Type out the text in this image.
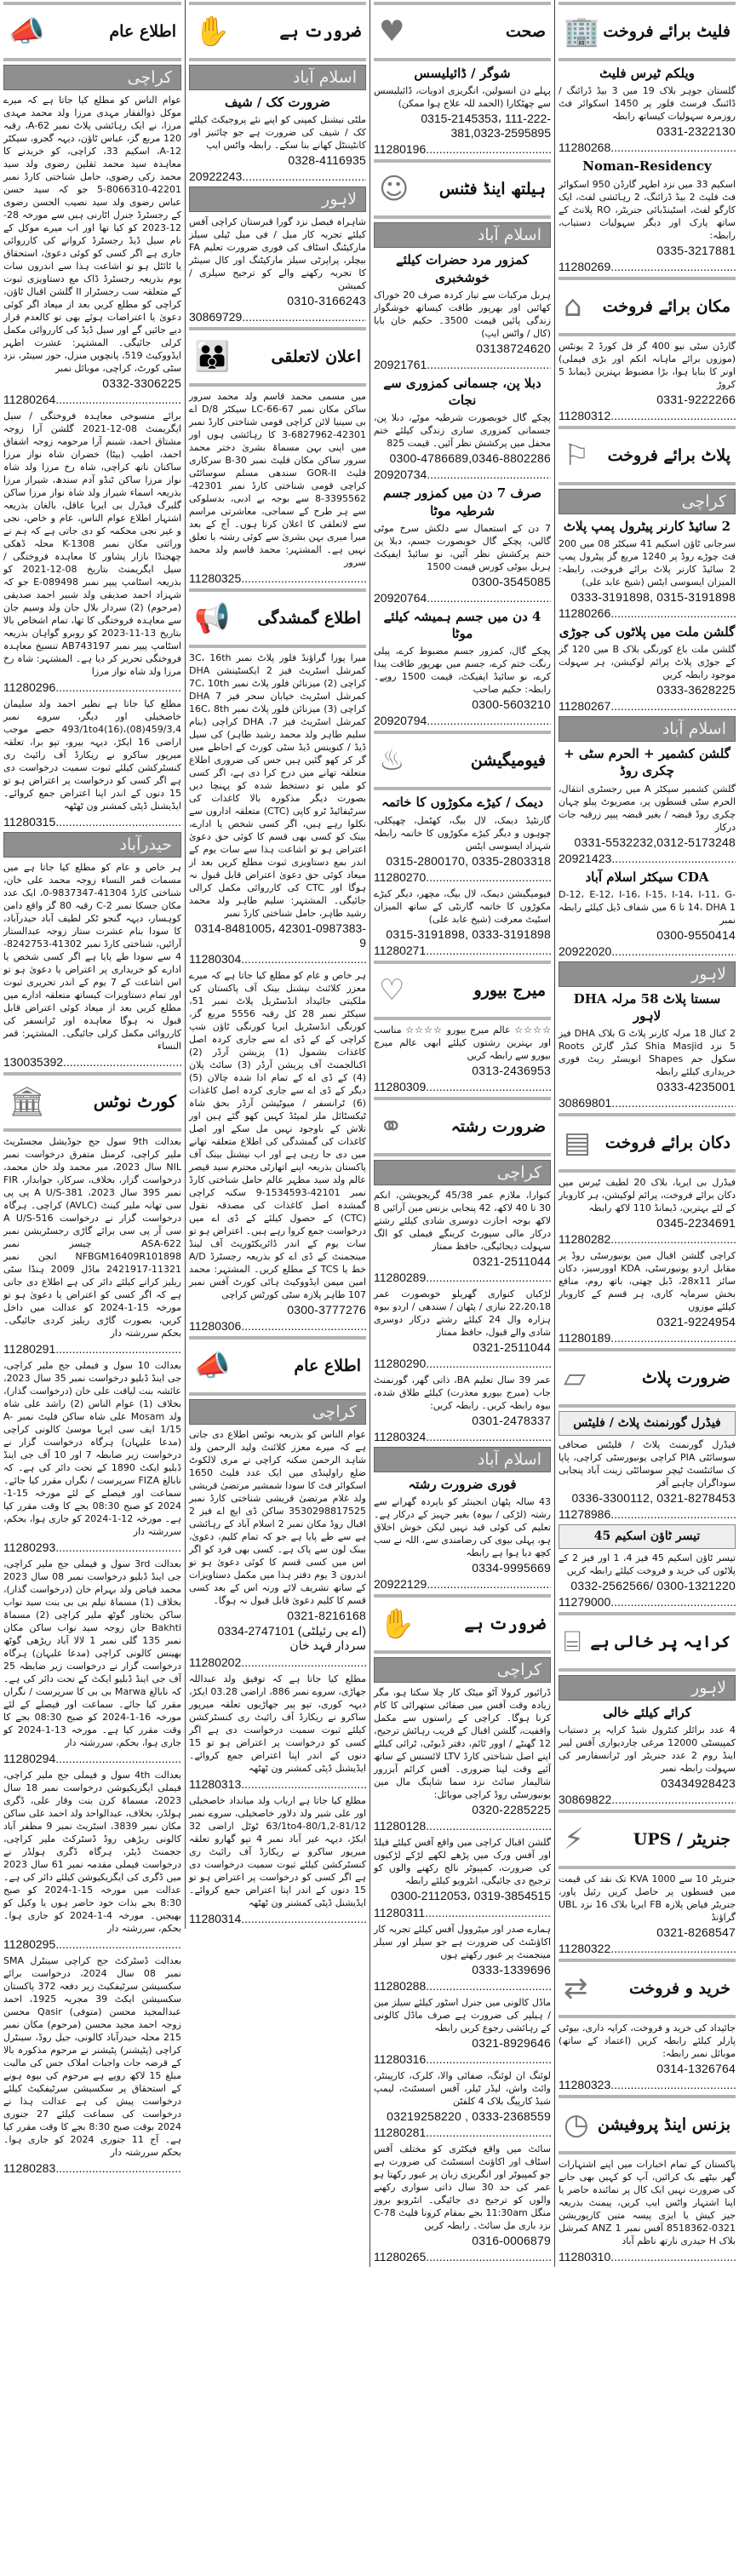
فلیٹ برائے فروخت
🏢
ویلکم ٹیرس فلیٹ
گلستان جوہر بلاک 19 میں 3 بیڈ ڈرائنگ / ڈائننگ فرسٹ فلور پر 1450 اسکوائر فٹ روزمرہ سہولیات کیساتھ رابطہ
0331-2322130
11280268 .....
Noman-Residency
اسکیم 33 میں نزد اطہر گارڈن 950 اسکوائر فٹ فلیٹ 2 بیڈ ڈرائنگ، 2 رہائشی لفٹ، ایک کارگو لفٹ، اسٹینڈبائی جنریٹر، RO پلانٹ کے ساتھ پارک اور دیگر سہولیات دستیاب، رابطہ:
0335-3217881
11280269 .....
مکان برائے فروخت
⌂
گارڈن سٹی نیو 400 گز فل کورڈ 2 یونٹس (موزوں برائے ماہانہ انکم اور بڑی فیملی) اونر کا بنایا ہوا، بڑا مضبوط بہترین ڈیمانڈ 5 کروڑ
0331-9222266
11280312 .....
پلاٹ برائے فروخت
⚐
کراچی
2 سائیڈ کارنر پیٹرول پمپ پلاٹ
سرجانی ٹاؤن اسکیم 41 سیکٹر 08 میں 200 فٹ چوڑے روڈ پر 1240 مربع گز پیٹرول پمپ 2 سائیڈ کارنر پلاٹ برائے فروخت، رابطہ: المیزان ایسوسی ایٹس (شیخ عابد علی)
0333-3191898, 0315-3191898
11280266 .....
گلشن ملت میں پلاٹوں کی جوڑی
گلشن ملت باغ کورنگی بلاک B میں 120 گز کے جوڑی پلاٹ پرائم لوکیشن، ہر سہولت موجود رابطہ کریں
0333-3628225
11280267 .....
اسلام آباد
گلشن کشمیر + الحرم سٹی + چکری روڈ
گلشن کشمیر سیکٹر A میں رجسٹری انتقال، الحرم سٹی قسطوں پر، مصریوٹ پیلو چہان چکری روڈ قبضہ / بغیر قبضہ پیپر زرقبہ جات درکار
0331-5532232,0312-5173248
20921423 .....
CDA سیکٹر اسلام آباد
D-12، E-12، I-16، I-15، I-14، I-11، G-14، DHA 1 تا 6 میں شفاف ڈیل کیلئے رابطہ نمبر
0300-9550414
20922020 .....
لاہور
سستا پلاٹ 58 مرلہ DHA لاہور
2 کنال 18 مرلہ کارنر پلاٹ G بلاک DHA فیز 5 نزد Shia Masjid کنڈر گارٹن Roots سکول جم Shapes انویسٹر ریٹ فوری خریداری کیلئے رابطہ
0333-4235001
30869801 .....
دکان برائے فروخت
▤
فیڈرل بی ایریا، بلاک 20 لطیف ٹیرس میں دکان برائے فروخت، پرائم لوکیشن، ہر کاروبار کے لئے بہترین، ڈیمانڈ 110 لاکھ رابطہ
0345-2234691
11280282 .....
کراچی گلشن اقبال مین یونیورسٹی روڈ پر مقابل اردو یونیورسٹی، KDA اوورسیز، دکان سائز 28x11، ڈبل چھتی، باتھ روم، منافع بخش سرمایہ کاری، ہر قسم کے کاروبار کیلئے موزوں
0321-9224954
11280189 .....
ضرورت پلاٹ
▱
فیڈرل گورنمنٹ پلاٹ / فلیٹس
فیڈرل گورنمنٹ پلاٹ / فلیٹس صحافی سوسائٹی PIA کراچی یونیورسٹی کراچی، پاپا ک سائنٹسٹ ٹیچر سوسائٹی زینت آباد پنجابی سوداگران چاہیے آفر
0336-3300112, 0321-8278453
11278986 .....
تیسر ٹاؤن اسکیم 45
تیسر ٹاؤن اسکیم 45 فیز 4، 1 اور فیز 2 کے پلاٹوں کی خرید و فروخت کیلئے رابطہ کریں
0332-2562566/ 0300-1321220
11279000 .....
کرایہ پر خالی ہے
⌸
لاہور
کرائے کیلئے خالی
4 عدد برائلر کنٹرول شیڈ کرایہ پر دستیاب کمپیسٹی 12000 مرغی چاردیواری آفس لیبر اینڈ روم 2 عدد جنریٹر اور ٹرانسفارمر کی سہولت رابطہ نمبر
03434928423
30869822 .....
جنریٹر / UPS
⚡
جنریٹر 10 سے 1000 KVA تک نقد کی قیمت میں قسطوں پر حاصل کریں رئیل پاور، جنریٹر فیاض پلازہ FB ایریا بلاک 16 نزد UBL گراؤنڈ
0321-8268547
11280322 .....
خرید و فروخت
⇄
جائیداد کی خرید و فروخت، کرایہ داری، بیوٹی پارلر کیلئے رابطہ کریں (اعتماد کے ساتھ) موبائل نمبر رابطہ:
0314-1326764
11280323 .....
بزنس اینڈ پروفیشن
◷
پاکستان کے تمام اخبارات میں اپنے اشتہارات گھر بیٹھے بک کرائیں، آپ کو کہیں بھی جانے کی ضرورت نہیں ایک کال پر نمائندہ حاضر یا اپنا اشتہار واٹس ایپ کریں، پیمنٹ بذریعہ جیز کیش یا ایزی پیسہ متین کارپوریشن 0321-8518362 آفس نمبر 1 ANZ کمرشل بلاک H حیدری نارتھ ناظم آباد
11280310 .....
صحت
♥
شوگر / ڈائیلیسس
پہلے دن انسولین، انگریزی ادویات، ڈائیلیسس سے چھٹکارا (الحمد للہ علاج ہوا ممکن)
0315-2145353، 111-222-381,0323-2595895
11280196 .....
ہیلتھ اینڈ فٹنس
☺
اسلام آباد
کمزور مرد حضرات کیلئے خوشخبری
ہربل مرکبات سے تیار کردہ صرف 20 خوراک کھائیں اور بھرپور طاقت کیساتھ خوشگوار زندگی پائیں قیمت 3500۔ حکیم خان بابا (کال / واٹس ایپ)
03138724620
20921761 .....
دبلا پن، جسمانی کمزوری سے نجات
پچکے گال خوبصورت شرطیہ موٹے، دبلا پن، جسمانی کمزوری ساری زندگی کیلئے ختم محفل میں پرکشش نظر آئیں۔ قیمت 825
0300-4786689,0346-8802286
20920734 .....
صرف 7 دن میں کمزور جسم شرطیہ موٹا
7 دن کے استعمال سے دلکش سرخ موٹی گالیں، پچکے گال خوبصورت جسم، دبلا پن ختم پرکشش نظر آئیں، نو سائیڈ ایفیکٹ ہربل بیوٹی کورس قیمت 1500
0300-3545085
20920764 .....
4 دن میں جسم ہمیشہ کیلئے موٹا
پچکے گال، کمزور جسم مضبوط کرے، پیلی رنگت ختم کرے، جسم میں بھرپور طاقت پیدا کرے، نو سائیڈ ایفیکٹ، قیمت 1500 روپے۔ رابطہ: حکیم صاحب
0300-5603210
20920794 .....
فیومیگیشن
♨
دیمک / کیڑے مکوڑوں کا خاتمہ
گارنٹیڈ دیمک، لال بیگ، کھٹمل، چھپکلی، چوہوں و دیگر کیڑے مکوڑوں کا خاتمہ رابطہ شہزاد ایسوسی ایٹس
0315-2800170, 0335-2803318
11280270 .....
فیومیگیشن دیمک، لال بیگ، مچھر، دیگر کیڑے مکوڑوں کا خاتمہ گارنٹی کے ساتھ المیزان اسٹیٹ معرفت (شیخ عابد علی)
0315-3191898, 0333-3191898
11280271 .....
میرج بیورو
♡
☆☆☆☆ عالم میرج بیورو ☆☆☆☆ مناسب اور بہترین رشتوں کیلئے ابھی عالم میرج بیورو سے رابطہ کریں
0313-2436953
11280309 .....
ضرورت رشتہ
⚭
کراچی
کنوارا، ملازم عمر 45/38 گریجویشن، انکم 30 تا 40 لاکھ، 42 پنجابی بزنس مین آرائیں 8 لاکھ بوجہ اجازت دوسری شادی کیلئے رشتے درکار مالی سپورٹ کرینگے فیملی کو الگ سہولت دیجائیگی، حافظ ممتاز
0321-2511044
11280289 .....
لڑکیاں کنواری گھریلو خوبصورت عمر 22،20،18 نیازی / پٹھان / سندھی / اردو بیوہ ہزارہ وال 24 کیلئے رشتے درکار دوسری شادی والے قبول، حافظ ممتاز
0321-2511044
11280290 .....
عمر 39 سال تعلیم BA، ذاتی گھر، گورنمنٹ جاب (میرج بیورو معذرت) کیلئے طلاق شدہ، بیوہ رابطہ کریں۔ رابطہ کریں:
0301-2478337
11280324 .....
اسلام آباد
فوری ضرورت رشتہ
43 سالہ پٹھان انجینئر کو باپردہ گھرانے سے رشتہ (لڑکی / بیوہ) بغیر جہیز کے درکار ہے۔ تعلیم کی کوئی قید نہیں لیکن خوش اخلاق ہو، پہلی بیوی کی رضامندی سے، اللہ نے سب کچھ دیا ہوا ہے رابطہ
0334-9995669
20922129 .....
ضرورت ہے
✋
کراچی
ڈرائیور کرولا آٹو میٹک کار چلا سکتا ہو، مگر زیادہ وقت آفس میں صفائی ستھرائی کا کام کرنا ہوگا۔ کراچی کے راستوں سے مکمل واقفیت، گلشن اقبال کے قریب رہائش ترجیح، 12 گھنٹے / اوور ٹائم، دفتر ڈیوٹی، ٹرائی کیلئے اپنے اصل شناختی کارڈ LTV لائسنس کے ساتھ آئیے وقت لینا ضروری۔ آفس کرائم آبزرور شالیمار سائٹ نزد سما شاپنگ مال مین یونیورسٹی روڈ کراچی موبائل:
0320-2285225
11280128 .....
گلشن اقبال کراچی میں واقع آفس کیلئے فیلڈ اور آفس ورک میں پڑھے لکھے لڑکے لڑکیوں کی ضرورت، کمپیوٹر نالج رکھنے والوں کو ترجیح دی جائیگی، انٹرویو کیلئے رابطہ
0300-2112053، 0319-3854515
11280311 .....
ہمارے صدر اور میٹروول آفس کیلئے تجربہ کار اکاؤنٹنٹ کی ضرورت ہے جو سیلز اور سیلز مینجمنٹ پر عبور رکھتے ہوں
0333-1339696
11280288 .....
ماڈل کالونی میں جنرل اسٹور کیلئے سیلز مین / ہیلپر کی ضرورت ہے صرف ماڈل کالونی کے رہائشی رجوع کریں رابطہ
0321-8929646
11280316 .....
لوئنگ ان لوئنگ، صفائی والا، کلرک، کارپینٹر، وائٹ واش، لیڈر ٹیلر، آفس اسسٹنٹ، لیمپ شیڈ کارپیگ بلاک 4 کلفٹن
03219258220 , 0333-2368559
11280281 .....
سائٹ میں واقع فیکٹری کو مختلف آفس اسٹاف اور اکاؤنٹ اسسٹنٹ کی ضرورت ہے جو کمپیوٹر اور انگریزی زبان پر عبور رکھتا ہو عمر کی حد 30 سال ذاتی سواری رکھنے والوں کو ترجیح دی جائیگی۔ انٹرویو بروز منگل 11:30am بجے بمقام کرونا فلیٹ C-78 نزد باری مل سائٹ۔ رابطہ کریں
0316-0006879
11280265 .....
ضرورت ہے
✋
اسلام آباد
ضرورت کک / شیف
ملٹی نیشنل کمپنی کو اپنے نئے پروجیکٹ کیلئے کک / شیف کی ضرورت ہے جو چائنیز اور کانٹیننٹل کھانے بنا سکے۔ رابطہ واٹس ایپ
0328-4116935
20922243 .....
لاہور
شاہراہ فیصل نزد گورا قبرستان کراچی آفس کیلئے تجربہ کار میل / فی میل ٹیلی سیلز مارکیٹنگ اسٹاف کی فوری ضرورت تعلیم FA بیچلر، پراپرٹی سیلز مارکیٹنگ اور کال سینٹر کا تجربہ رکھنے والے کو ترجیح سیلری / کمیشن
0310-3166243
30869729 .....
اعلان لاتعلقی
👪
میں مسمی محمد قاسم ولد محمد سرور ساکن مکان نمبر LC-66-67 سیکٹر 8/D اے بی سینیا لائن کراچی قومی شناختی کارڈ نمبر 42301-6827962-3 کا رہائشی ہوں اور میں اپنی بہن مسماۃ بشریٰ دختر محمد سرور ساکن مکان فلیٹ نمبر B-30 سرکاری فلیٹ GOR-II سندھی مسلم سوسائٹی کراچی قومی شناختی کارڈ نمبر 42301-3395562-8 سے بوجہ بے ادبی، بدسلوکی سے ہر طرح کے سماجی، معاشرتی مراسم سے لاتعلقی کا اعلان کرتا ہوں۔ آج کے بعد میرا میری بہن بشریٰ سے کوئی رشتہ یا تعلق نہیں ہے۔ المشتہر: محمد قاسم ولد محمد سرور
11280325 .....
اطلاع گمشدگی
📢
میرا پورا گراؤنڈ فلور پلاٹ نمبر 3C، 16th کمرشل اسٹریٹ فیز 2 ایکسٹینشن DHA کراچی (2) میزنائن فلور پلاٹ نمبر 7C، 10th کمرشل اسٹریٹ خیابان سحر فیز 7 DHA کراچی (3) میزنائن فلور پلاٹ نمبر 16C، 8th کمرشل اسٹریٹ فیز 7، DHA کراچی (بنام سلیم طاہر ولد محمد رشید طاہر) کی سیل ڈیڈ / کنوینس ڈیڈ سٹی کورٹ کے احاطے میں گر کر کھو گئیں ہیں جس کی ضروری اطلاع متعلقہ تھانے میں درج کرا دی ہے، اگر کسی کو ملیں تو دستخط شدہ کو پہنچا دیں بصورت دیگر مذکورہ بالا کاغذات کی سرٹیفائیڈ ٹرو کاپی (CTC) متعلقہ اداروں سے نکلوا رہے ہیں، اگر کسی شخص یا ادارے، بینک کو کسی بھی قسم کا کوئی حق دعویٰ اعتراض ہو تو اشاعت ہذا سے سات یوم کے اندر بمع دستاویزی ثبوت مطلع کریں بعد از میعاد کوئی حق دعویٰ اعتراض قابل قبول نہ ہوگا اور CTC کی کارروائی مکمل کرالی جائیگی۔ المشتہر: سلیم طاہر ولد محمد رشید طاہر، حامل شناختی کارڈ نمبر
0314-8481005، 42301-0987383-9
11280304 .....
ہر خاص و عام کو مطلع کیا جاتا ہے کہ میرے معزز کلائنٹ نیشنل بینک آف پاکستان کی ملکیتی جائیداد انڈسٹریل پلاٹ نمبر 51، سیکٹر نمبر 28 کل رقبہ 5556 مربع گز، کورنگی انڈسٹریل ایریا کورنگی ٹاؤن شپ کراچی کے کے ڈی اے سے جاری کردہ اصل کاغذات بشمول (1) پزیشن آرڈر (2) اکنالجمنٹ آف پزیشن آرڈر (3) سائٹ پلان (4) کے ڈی اے کے تمام ادا شدہ چالان (5) دیگر کے ڈی اے سے جاری کردہ اصل کاغذات (6) ٹرانسفر / میوٹیشن آرڈر بحق شاہ ٹیکسٹائل ملز لمیٹڈ کہیں کھو گئے ہیں اور تلاش کے باوجود نہیں مل سکے اور اصل کاغذات کی گمشدگی کی اطلاع متعلقہ تھانے میں دی جا رہی ہے اور اب نیشنل بینک آف پاکستان بذریعہ اپنے اتھارٹی محترم سید قیصر عالم ولد سید مظہر عالم حامل شناختی کارڈ نمبر 42101-1534593-9 سکنہ کراچی گمشدہ اصل کاغذات کی مصدقہ نقول (CTC) کے حصول کیلئے کے ڈی اے میں درخواست جمع کروا رہے ہیں۔ اعتراض ہو تو سات یوم کے اندر ڈائریکٹوریٹ آف لینڈ مینجمنٹ کے ڈی اے کو بذریعہ رجسٹرڈ A/D خط یا TCS کے مطلع کریں۔ المشتہر: محمد امین میمن ایڈووکیٹ ہائی کورٹ آفس نمبر 107 طاہر پلازہ سٹی کورٹس کراچی
0300-3777276
11280306 .....
اطلاع عام
📣
کراچی
عوام الناس کو بذریعہ نوٹس اطلاع دی جاتی ہے کہ میرے معزز کلائنٹ ولید الرحمن ولد شاہد الرحمن سکنہ کراچی نے مری لالکوٹ ضلع راولپنڈی میں ایک عدد فلیٹ 1650 اسکوائر فٹ کا سودا شمشیر مرتضیٰ قریشی ولد غلام مرتضیٰ قریشی شناختی کارڈ نمبر 3530298817525 ساکن ڈی ایچ اے فیز 2 اقبال روڈ مکان نمبر 2 اسلام آباد کے رہائشی ہے سے طے پایا ہے جو کہ تمام کلیم، دعویٰ، بینک لون سے پاک ہے۔ کسی بھی فرد کو اگر اس میں کسی قسم کا کوئی دعویٰ ہو تو اندرون 3 یوم دفتر ہذا میں مکمل دستاویزات کے ساتھ تشریف لائے ورنہ اس کے بعد کسی قسم کا کلیم دعویٰ قابل قبول نہ ہوگا۔
0321-8216168
0334-2747101 (اے بی رئیلٹی) سردار فہد خان
11280202 .....
مطلع کیا جاتا ہے کہ توفیق ولد عبداللہ جھاڑی، سروے نمبر 886، اراضی 03.28 ایکڑ، دیہہ کوری، تپو پیر جھاڑیوں تعلقہ میرپور ساکرو نے ریکارڈ آف رائیٹ ری کنسٹرکشن کیلئے ثبوت سمیت درخواست دی ہے اگر کسی کو درخواست پر اعتراض ہو تو 15 دنوں کے اندر اپنا اعتراض جمع کروائے۔ ایڈیشنل ڈپٹی کمشنر ون ٹھٹھہ
11280313 .....
مطلع کیا جاتا ہے ارباب ولد میانداد خاصخیلی اور علی شیر ولد دلاور خاصخیلی، سروے نمبر 81/12-63/1to4-80/1,2 ٹوٹل اراضی 32 ایکڑ، دیہہ غیر آباد نمبر 4 تپو گھارو تعلقہ میرپور ساکرو نے ریکارڈ آف رائیٹ ری کنسٹرکشن کیلئے ثبوت سمیت درخواست دی ہے اگر کسی کو درخواست پر اعتراض ہو تو 15 دنوں کے اندر اپنا اعتراض جمع کروائے۔ ایڈیشنل ڈپٹی کمشنر ون ٹھٹھہ
11280314 .....
اطلاع عام
📣
کراچی
عوام الناس کو مطلع کیا جاتا ہے کہ میرے موکل ذوالفقار مہدی مرزا ولد محمد مہدی مرزا، نے ایک رہائشی پلاٹ نمبر A-62، رقبہ 120 مربع گز، عباس ٹاؤن، دیہہ گجرو، سیکٹر 12-A، اسکیم 33، کراچی، کو خریدنے کا معاہدہ سید محمد ثقلین رضوی ولد سید محمد زکی رضوی، حامل شناختی کارڈ نمبر 42201-8066310-5 جو کہ سید حسن عباس رضوی ولد سید نصیب الحسن رضوی کے رجسٹرڈ جنرل اٹارنی ہیں سے مورخہ 28-12-2023 کو کیا تھا اور اب میرے موکل کے نام سیل ڈیڈ رجسٹرڈ کروانے کی کارروائی جاری ہے اگر کسی کو کوئی دعویٰ، استحقاق یا ٹائٹل ہو تو اشاعت ہذا سے اندرون سات یوم بذریعہ رجسٹرڈ ڈاک مع دستاویزی ثبوت کے متعلقہ سب رجسٹرار II گلشن اقبال ٹاؤن، کراچی کو مطلع کریں بعد از میعاد اگر کوئی دعویٰ یا اعتراضات ہوئے بھی تو کالعدم قرار دیے جائیں گے اور سیل ڈیڈ کی کارروائی مکمل کرلی جائیگی۔ المشتہر: عشرت اطہر ایڈووکیٹ 519، پانچویں منزل، حور سینٹر، نزد سٹی کورٹ، کراچی، موبائل نمبر
0332-3306225
11280264 .....
برائے منسوخی معاہدہ فروختگی / سیل ایگریمنٹ 08-12-2021 گلشن آرا زوجہ مشتاق احمد، شبنم آرا مرحومہ زوجہ اشفاق احمد، اطیب (بیٹا) خضران شاہ نواز مرزا ساکنان ناتھ کراچی، شاہ رخ مرزا ولد شاہ نواز مرزا ساکن ٹنڈو آدم سندھ، شیراز مرزا بذریعہ اسماء شیراز ولد شاہ نواز مرزا ساکن گلبرگ فیڈرل بی ایریا عاقل، بالغان بذریعہ اشتہار اطلاع عوام الناس، عام و خاص، نجی و غیر نجی محکمہ کو دی جاتی ہے کہ ہم نے وراثتی مکان نمبر K-1308 محلہ ڈھکی چھجنڈا بازار پشاور کا معاہدہ فروختگی / سیل ایگریمنٹ بتاریخ 08-12-2021 کو بذریعہ اسٹامپ پیپر نمبر E-089498 جو کہ شہزاد احمد صدیقی ولد شبیر احمد صدیقی (مرحوم) (2) سردار بلال جان ولد وسیم جان سے معاہدہ فروختگی کا تھا، تمام اشخاص بالا بتاریخ 13-11-2023 کو روبرو گواہان بذریعہ اسٹامپ پیپر نمبر AB743197 تنسیخ معاہدہ فروختگی تحریر کر دیا ہے۔ المشتہر: شاہ رخ مرزا ولد شاہ نواز مرزا
11280296 .....
مطلع کیا جاتا ہے نظیر احمد ولد سلیمان خاصخیلی اور دیگر، سروے نمبر 493/1to4(16)،(08)459/3,4 حصے موجب اراضی 16 ایکڑ، دیہہ بیرو، تپو برا، تعلقہ میرپور ساکرو نے ریکارڈ آف رائیٹ ری کنسٹرکشن کیلئے ثبوت سمیت درخواست دی ہے اگر کسی کو درخواست پر اعتراض ہو تو 15 دنوں کے اندر اپنا اعتراض جمع کروائے۔ ایڈیشنل ڈپٹی کمشنر ون ٹھٹھہ
11280315 .....
حیدرآباد
ہر خاص و عام کو مطلع کیا جاتا ہے میں مسمات قمر النساء زوجہ محمد علی خان، شناختی کارڈ 41304-9837347-0، ایک عدد مکان جسکا نمبر C-2 رقبہ 80 گز واقع دامن کوہسار، دیہہ گنجو ٹکر لطیف آباد حیدرآباد، کا سودا بنام عشرت ستار زوجہ عبدالستار آرائیں، شناختی کارڈ نمبر 41302-8242753-4 سے سودا طے پایا ہے اگر کسی شخص یا ادارے کو خریداری پر اعتراض یا دعویٰ ہو تو اس اشاعت کے 7 یوم کے اندر تحریری ثبوت اور تمام دستاویزات کیساتھ متعلقہ ادارے میں مطلع کریں بعد از میعاد کوئی اعتراض قابل قبول نہ ہوگا معاہدہ اور ٹرانسفر کی کارروائی مکمل کرلی جائیگی۔ المشتہر: قمر النساء
130035392 .....
کورٹ نوٹس
🏛
بعدالت 9th سول جج جوڈیشل مجسٹریٹ ملیر کراچی، کرمنل متفرق درخواست نمبر NIL سال 2023، میر محمد ولد خان محمد، درخواست گزار، بخلاف، سرکار، جوابدار، FIR نمبر 395 سال 2023، 381-A U/S پی پی سی تھانہ ملیر کینٹ (AVLC) کراچی۔ ہرگاہ درخواست گزار نے درخواست 516-A U/S سی آر پی سی برائے گاڑی رجسٹریشن نمبر ASA-622 چیسز نمبر NFBGM16409R101898 انجن نمبر 11321-2421917 ماڈل 2009 ہنڈا سٹی ریلیز کرانے کیلئے دائر کی ہے اطلاع دی جاتی ہے کہ اگر کسی کو اعتراض یا دعویٰ ہو تو مورخہ 15-1-2024 کو عدالت میں داخل کریں، بصورت گاڑی ریلیز کردی جائیگی۔ بحکم سررشتہ دار
11280291 .....
بعدالت 10 سول و فیملی جج ملیر کراچی، جی اینڈ ڈبلیو درخواست نمبر 35 سال 2023، عائشہ بنت لیاقت علی خان (درخواست گذار)، بخلاف (1) عوام الناس (2) راشد علی شاہ ولد Mosam علی شاہ ساکن فلیٹ نمبر A-1/15 ایف سی ایریا موسیٰ کالونی کراچی (مدعا علیہان) ہرگاہ درخواست گزار نے درخواست زیر ضابطہ 7 اور 10 آف جی اینڈ ڈبلیو ایکٹ 1890 کے تحت دائر کی ہے۔ کہ نابالغ FIZA سرپرست / نگراں مقرر کیا جائے۔ سماعت اور فیصلے کے لئے مورخہ 15-1-2024 کو صبح 08:30 بجے کا وقت مقرر کیا ہے۔ مورخہ 12-1-2024 کو جاری ہوا، بحکم، سررشتہ دار
11280293 .....
بعدالت 3rd سول و فیملی جج ملیر کراچی، جی اینڈ ڈبلیو درخواست نمبر 08 سال 2023 محمد فیاض ولد بہرام خان (درخواست گذار)، بخلاف (1) مسماۃ نیلم بی بی بنت سید نواب ساکن بختاور گوٹھ ملیر کراچی (2) مسماۃ Bakhti جان زوجہ سید نواب ساکن مکان نمبر 135 گلی نمبر 1 لالا آباد ریڑھی گوٹھ بھینس کالونی کراچی (مدعا علیہان) ہرگاہ درخواست گزار نے درخواست زیر ضابطہ 25 آف جی اینڈ ڈبلیو ایکٹ کے تحت دائر کی ہے۔ کہ نابالغ Marwa بی بی کا سرپرست / نگراں مقرر کیا جائے۔ سماعت اور فیصلے کے لئے مورخہ 16-1-2024 کو صبح 08:30 بجے کا وقت مقرر کیا ہے۔ مورخہ 13-1-2024 کو جاری ہوا، بحکم، سررشتہ دار
11280294 .....
بعدالت 4th سول و فیملی جج ملیر کراچی، فیملی ایگزیکیوشن درخواست نمبر 18 سال 2023، مسماۃ کرن بنت وقار علی، ڈگری ہولڈر، بخلاف، عبدالواحد ولد احمد علی ساکن مکان نمبر 3839، اسٹریٹ نمبر 9 مظفر آباد کالونی ریڑھی روڈ ڈسٹرکٹ ملیر کراچی، ججمنٹ ڈیٹر، ہرگاہ ڈگری ہولڈر نے درخواست فیملی مقدمہ نمبر 61 سال 2023 میں ڈگری کی ایگزیکیوشن کیلئے دائر کی ہے۔ عدالت میں مورخہ 15-1-2024 کو صبح 8:30 بجے بذات خود حاضر ہوں یا وکیل کو بھیجیں۔ مورخہ 4-1-2024 کو جاری ہوا۔ بحکم، سررشتہ دار
11280295 .....
بعدالت ڈسٹرکٹ جج کراچی سینٹرل SMA نمبر 08 سال 2024، درخواست برائے سکسیشن سرٹیفکیٹ زیر دفعہ 372 پاکستان سکسیشن ایکٹ 39 مجریہ 1925، احمد عبدالمجید محسن (متوفی) Qasir محسن زوجہ احمد مجید محسن (مرحوم) مکان نمبر 215 محلہ حیدرآباد کالونی، جیل روڈ، سینٹرل کراچی (پٹیشنر) پٹیشنر نے مرحوم مذکورہ بالا کے قرضہ جات واجبات املاک جس کی مالیت مبلغ 15 لاکھ روپے ہے مرحوم کی بیوہ ہونے کے استحقاق پر سکسیشن سرٹیفکیٹ کیلئے درخواست پیش کی ہے عدالت ہذا نے درخواست کی سماعت کیلئے 27 جنوری 2024 بوقت صبح 8:30 بجے کا وقت مقرر کیا ہے۔ آج 11 جنوری 2024 کو جاری ہوا۔ بحکم سررشتہ دار
11280283 .....
